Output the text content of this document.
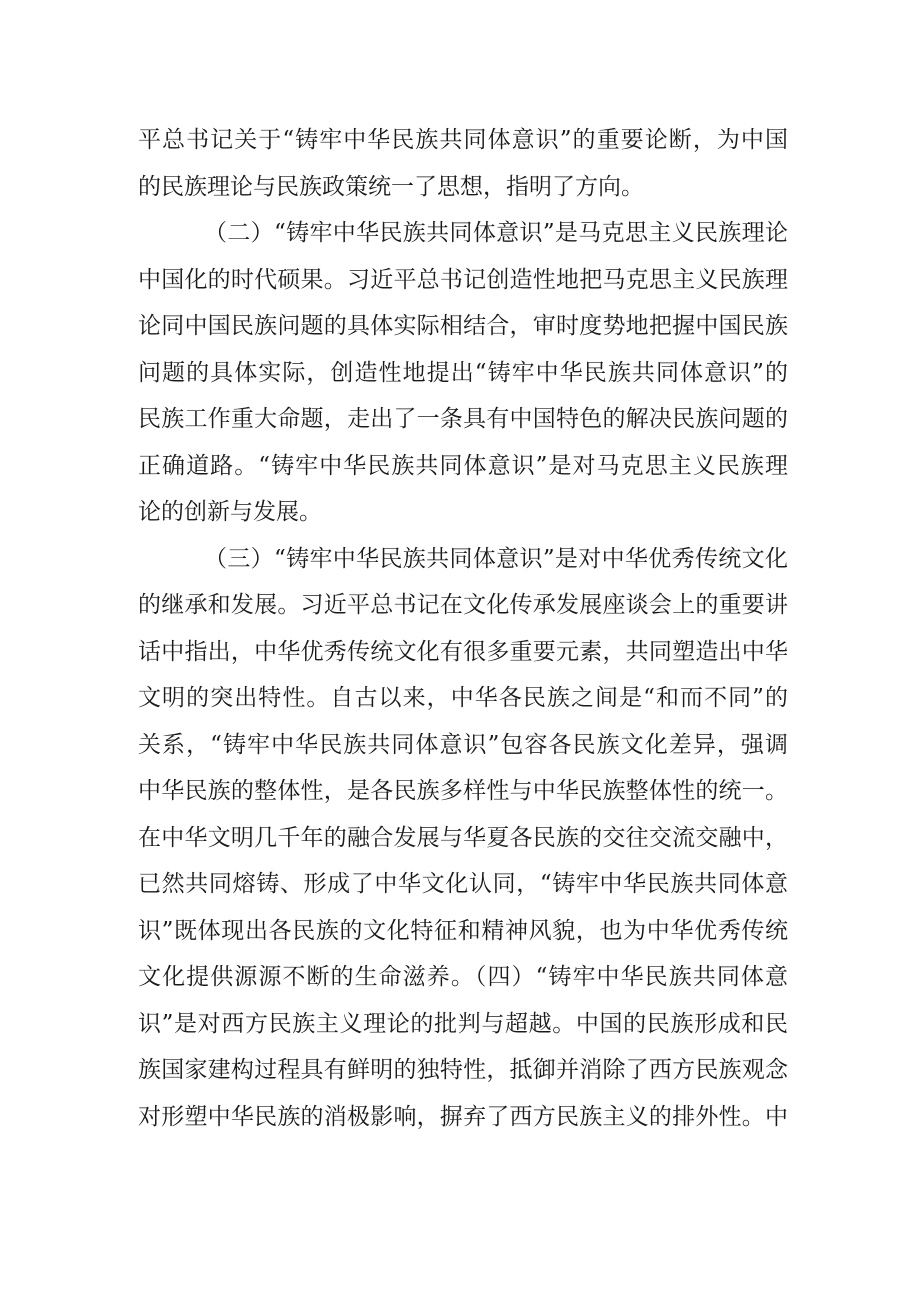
平总书记关于“铸牢中华民族共同体意识”的重要论断，为中国
的民族理论与民族政策统一了思想，指明了方向。
（二）“铸牢中华民族共同体意识”是马克思主义民族理论
中国化的时代硕果。习近平总书记创造性地把马克思主义民族理
论同中国民族问题的具体实际相结合，审时度势地把握中国民族
问题的具体实际，创造性地提出“铸牢中华民族共同体意识”的
民族工作重大命题，走出了一条具有中国特色的解决民族问题的
正确道路。“铸牢中华民族共同体意识”是对马克思主义民族理
论的创新与发展。
（三）“铸牢中华民族共同体意识”是对中华优秀传统文化
的继承和发展。习近平总书记在文化传承发展座谈会上的重要讲
话中指出，中华优秀传统文化有很多重要元素，共同塑造出中华
文明的突出特性。自古以来，中华各民族之间是“和而不同”的
关系，“铸牢中华民族共同体意识”包容各民族文化差异，强调
中华民族的整体性，是各民族多样性与中华民族整体性的统一。
在中华文明几千年的融合发展与华夏各民族的交往交流交融中，
已然共同熔铸、形成了中华文化认同，“铸牢中华民族共同体意
识”既体现出各民族的文化特征和精神风貌，也为中华优秀传统
文化提供源源不断的生命滋养。（四）“铸牢中华民族共同体意
识”是对西方民族主义理论的批判与超越。中国的民族形成和民
族国家建构过程具有鲜明的独特性，抵御并消除了西方民族观念
对形塑中华民族的消极影响，摒弃了西方民族主义的排外性。中
